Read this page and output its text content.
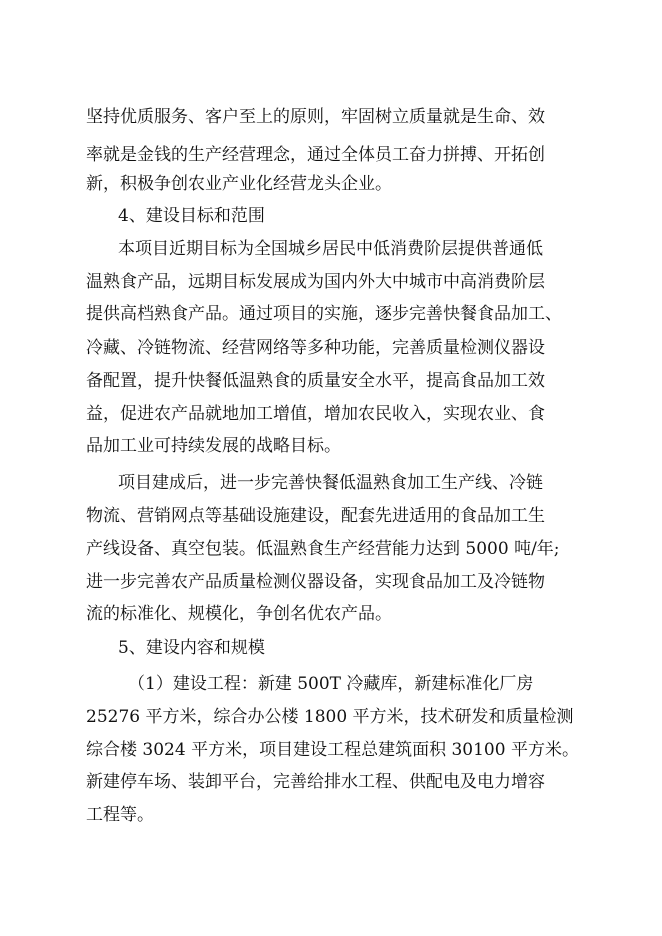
坚持优质服务、客户至上的原则，牢固树立质量就是生命、效

率就是金钱的生产经营理念，通过全体员工奋力拼搏、开拓创

新，积极争创农业产业化经营龙头企业。

4、建设目标和范围

本项目近期目标为全国城乡居民中低消费阶层提供普通低

温熟食产品，远期目标发展成为国内外大中城市中高消费阶层

提供高档熟食产品。通过项目的实施，逐步完善快餐食品加工、

冷藏、冷链物流、经营网络等多种功能，完善质量检测仪器设

备配置，提升快餐低温熟食的质量安全水平，提高食品加工效

益，促进农产品就地加工增值，增加农民收入，实现农业、食

品加工业可持续发展的战略目标。

项目建成后，进一步完善快餐低温熟食加工生产线、冷链

物流、营销网点等基础设施建设，配套先进适用的食品加工生

产线设备、真空包装。低温熟食生产经营能力达到 5000 吨/年;

进一步完善农产品质量检测仪器设备，实现食品加工及冷链物

流的标准化、规模化，争创名优农产品。

5、建设内容和规模

（1）建设工程：新建 500T 冷藏库，新建标准化厂房

25276 平方米，综合办公楼 1800 平方米，技术研发和质量检测

综合楼 3024 平方米，项目建设工程总建筑面积 30100 平方米。

新建停车场、装卸平台，完善给排水工程、供配电及电力增容

工程等。
